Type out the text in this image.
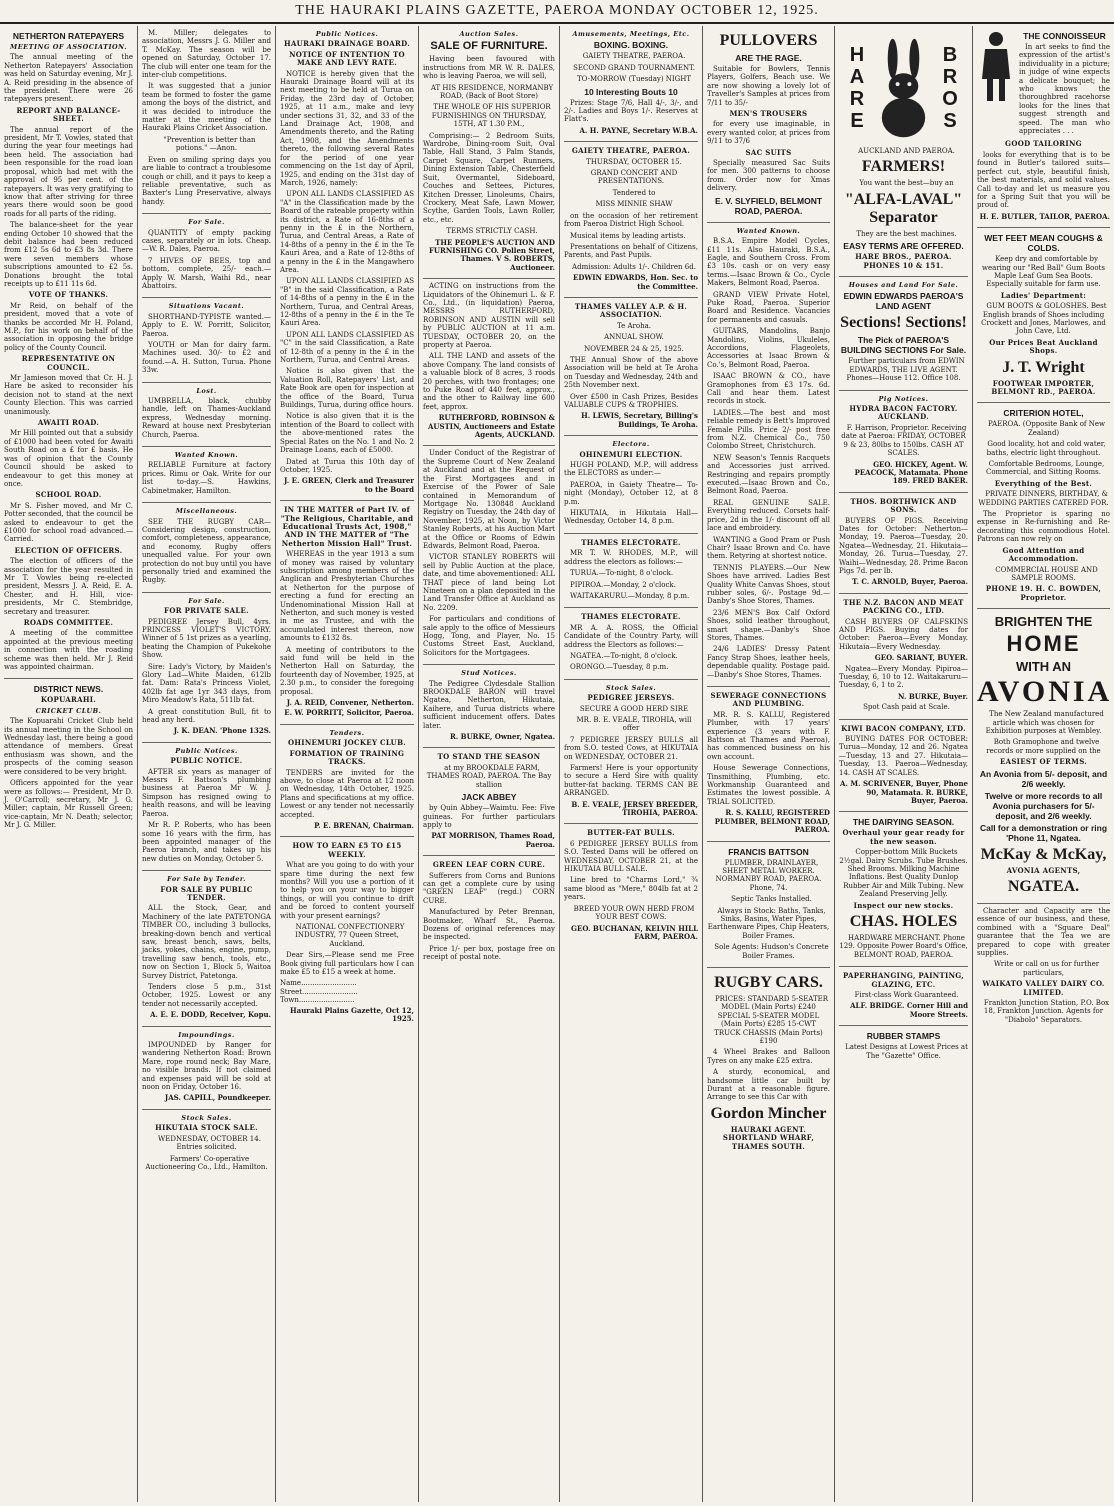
THE HAURAKI PLAINS GAZETTE, PAEROA MONDAY OCTOBER 12, 1925.
NETHERTON RATEPAYERS
MEETING OF ASSOCIATION.

The annual meeting of the Netherton Ratepayers' Association was held on Saturday evening, Mr J. A. Reid presiding in the absence of the president. There were 26 ratepayers present.

REPORT AND BALANCE-SHEET.

The annual report of the president, Mr T. Vowles, stated that during the year four meetings had been held. The association had been responsible for the road loan proposal, which had met with the approval of 95 per cent. of the ratepayers. It was very gratifying to know that after striving for three years there would soon be good roads for all parts of the riding.

The balance-sheet for the year ending October 10 showed that the debit balance had been reduced from £12 5s 6d to £3 8s 3d. There were seven members whose subscriptions amounted to £2 5s. Donations brought the total receipts up to £11 11s 6d.

VOTE OF THANKS.

Mr Reid, on behalf of the president, moved that a vote of thanks be accorded Mr H. Poland, M.P., for his work on behalf of the association in opposing the bridge policy of the County Council.

REPRESENTATIVE ON COUNCIL.

Mr Jamieson moved that Cr. H. J. Hare be asked to reconsider his decision not to stand at the next County Election. This was carried unanimously.

AWAITI ROAD.

Mr Hill pointed out that a subsidy of £1000 had been voted for Awaiti South Road on a £ for £ basis. He was of opinion that the County Council should be asked to endeavour to get this money at once.

SCHOOL ROAD.

Mr S. Fisher moved, and Mr C. Potter seconded, that the council be asked to endeavour to get the £1000 for school road advanced.—Carried.

ELECTION OF OFFICERS.

The election of officers of the association for the year resulted in Mr T. Vowles being re-elected president, Messrs J. A. Reid, E. A. Chester, and H. Hill, vice-presidents, Mr C. Stembridge, secretary and treasurer.

ROADS COMMITTEE.

A meeting of the committee appointed at the previous meeting in connection with the roading scheme was then held. Mr J. Reid was appointed chairman.

DISTRICT NEWS.
KOPUARAHI.
CRICKET CLUB.

The Kopuarahi Cricket Club held its annual meeting in the School on Wednesday last, there being a good attendance of members. Great enthusiasm was shown, and the prospects of the coming season were considered to be very bright.

Officers appointed for the year were as follows:— President, Mr D. J. O'Carroll; secretary, Mr J. G. Miller; captain, Mr Russell Green; vice-captain, Mr N. Death; selector, Mr J. G. Miller.

M. Miller; delegates to association, Messrs J. G. Miller and T. McKay. The season will be opened on Saturday, October 17. The club will enter one team for the inter-club competitions.

It was suggested that a junior team be formed to foster the game among the boys of the district, and it was decided to introduce the matter at the meeting of the Hauraki Plains Cricket Association.

"Prevention is better than potions." —Anon.

Even on smiling spring days you are liable to contract a troublesome cough or chill, and it pays to keep a reliable preventative, such as Baxter's Lung Preservative, always handy.

For Sale.

QUANTITY of empty packing cases, separately or in lots. Cheap.—W. R. Dales, Paeroa.

7 HIVES OF BEES, top and bottom, complete, 25/- each.— Apply W. Marsh, Waihi Rd., near Abattoirs.

Situations Vacant.

SHORTHAND-TYPISTE wanted.—Apply to E. W. Porritt, Solicitor, Paeroa.

YOUTH or Man for dairy farm. Machines used. 30/- to £2 and found.—A. H. Sutton, Turua. Phone 33w.

Lost.

UMBRELLA, black, chubby handle, left on Thames-Auckland express, Wednesday morning. Reward at house next Presbyterian Church, Paeroa.

Wanted Known.

RELIABLE Furniture at factory prices. Rimu or Oak. Write for our list to-day.—S. Hawkins, Cabinetmaker, Hamilton.

Miscellaneous.

SEE THE RUGBY CAR—Considering design, construction, comfort, completeness, appearance, and economy, Rugby offers unequalled value. For your own protection do not buy until you have personally tried and examined the Rugby.

For Sale.
FOR PRIVATE SALE.

PEDIGREE Jersey Bull, 4yrs. PRINCESS VIOLET'S VICTORY. Winner of 5 1st prizes as a yearling, beating the Champion of Pukekohe Show.

Sire: Lady's Victory, by Maiden's Glory Lad—White Maiden, 612lb fat. Dam: Rata's Princess Violet, 402lb fat age 1yr 343 days, from Miro Meadow's Rata, 511lb fat.

A great constitution Bull, fit to head any herd.

J. K. DEAN. 'Phone 132S.
Public Notices.
PUBLIC NOTICE.

AFTER six years as manager of Messrs F. Battson's plumbing business at Paeroa Mr W. J. Simpson has resigned owing to health reasons, and will be leaving Paeroa.

Mr R. P. Roberts, who has been some 16 years with the firm, has been appointed manager of the Paeroa branch, and takes up his new duties on Monday, October 5.

For Sale by Tender.
FOR SALE BY PUBLIC TENDER.

ALL the Stock, Gear, and Machinery of the late PATETONGA TIMBER CO., including 3 bullocks, breaking-down bench and vertical saw, breast bench, saws, belts, jacks, yokes, chains, engine, pump, travelling saw bench, tools, etc., now on Section 1, Block 5, Waitoa Survey District, Patetonga.

Tenders close 5 p.m., 31st October, 1925. Lowest or any tender not necessarily accepted.

A. E. E. DODD, Receiver, Kopu.
Impoundings.

IMPOUNDED by Ranger for wandering Netherton Road: Brown Mare, rope round neck; Bay Mare, no visible brands. If not claimed and expenses paid will be sold at noon on Friday, October 16.

JAS. CAPILL, Poundkeeper.
Stock Sales.
HIKUTAIA STOCK SALE.

WEDNESDAY, OCTOBER 14. Entries solicited.

Farmers' Co-operative Auctioneering Co., Ltd., Hamilton.

Public Notices.
HAURAKI DRAINAGE BOARD.
NOTICE OF INTENTION TO MAKE AND LEVY RATE.

NOTICE is hereby given that the Hauraki Drainage Board will at its next meeting to be held at Turua on Friday, the 23rd day of October, 1925, at 11 a.m., make and levy under sections 31, 32, and 33 of the Land Drainage Act, 1908, and Amendments thereto, and the Rating Act, 1908, and the Amendments thereto, the following several Rates for the period of one year commencing on the 1st day of April, 1925, and ending on the 31st day of March, 1926, namely:

UPON ALL LANDS CLASSIFIED AS "A" in the Classification made by the Board of the rateable property within its district, a Rate of 16-8ths of a penny in the £ in the Northern, Turua, and Central Areas, a Rate of 14-8ths of a penny in the £ in the Te Kauri Area, and a Rate of 12-8ths of a penny in the £ in the Mangawhero Area.

UPON ALL LANDS CLASSIFIED AS "B" in the said Classification, a Rate of 14-8ths of a penny in the £ in the Northern, Turua, and Central Areas, 12-8ths of a penny in the £ in the Te Kauri Area.

UPON ALL LANDS CLASSIFIED AS "C" in the said Classification, a Rate of 12-8th of a penny in the £ in the Northern, Turua, and Central Areas.

Notice is also given that the Valuation Roll, Ratepayers' List, and Rate Book are open for inspection at the office of the Board, Turua Buildings, Turua, during office hours.

Notice is also given that it is the intention of the Board to collect with the above-mentioned rates the Special Rates on the No. 1 and No. 2 Drainage Loans, each of £5000.

Dated at Turua this 10th day of October, 1925.

J. E. GREEN, Clerk and Treasurer to the Board
IN THE MATTER of Part IV. of "The Religious, Charitable, and Educational Trusts Act, 1908," AND IN THE MATTER of "The Netherton Mission Hall" Trust.

WHEREAS in the year 1913 a sum of money was raised by voluntary subscription among members of the Anglican and Presbyterian Churches at Netherton for the purpose of erecting a fund for erecting an Undenominational Mission Hall at Netherton, and such money is vested in me as Trustee, and with the accumulated interest thereon, now amounts to £132 8s.

A meeting of contributors to the said fund will be held in the Netherton Hall on Saturday, the fourteenth day of November, 1925, at 2.30 p.m., to consider the foregoing proposal.

J. A. REID, Convener, Netherton.
E. W. PORRITT, Solicitor, Paeroa.
Tenders.
OHINEMURI JOCKEY CLUB.
FORMATION OF TRAINING TRACKS.

TENDERS are invited for the above, to close at Paeroa at 12 noon on Wednesday, 14th October, 1925. Plans and specifications at my office. Lowest or any tender not necessarily accepted.

P. E. BRENAN, Chairman.
HOW TO EARN £5 TO £15 WEEKLY.

What are you going to do with your spare time during the next few months? Will you use a portion of it to help you on your way to bigger things, or will you continue to drift and be forced to content yourself with your present earnings?

NATIONAL CONFECTIONERY INDUSTRY, 77 Queen Street, Auckland.

Dear Sirs,—Please send me Free Book giving full particulars how I can make £5 to £15 a week at home.

Name.........................
Street.........................
Town.........................
Hauraki Plains Gazette, Oct 12, 1925.
Auction Sales.
SALE OF FURNITURE.

Having been favoured with instructions from MR W. R. DALES, who is leaving Paeroa, we will sell,

AT HIS RESIDENCE, NORMANBY ROAD, (Back of Boot Store)

THE WHOLE OF HIS SUPERIOR FURNISHINGS ON THURSDAY, 15TH, AT 1.30 P.M.,

Comprising:— 2 Bedroom Suits, Wardrobe, Dining-room Suit, Oval Table, Hall Stand, 3 Palm Stands, Carpet Square, Carpet Runners, Dining Extension Table, Chesterfield Suit, Overmantel, Sideboard, Couches and Settees, Pictures, Kitchen Dresser, Linoleums, Chairs, Crockery, Meat Safe, Lawn Mower, Scythe, Garden Tools, Lawn Roller, etc., etc.

TERMS STRICTLY CASH.

THE PEOPLE'S AUCTION AND FURNISHING CO. Pollen Street, Thames. V S. ROBERTS, Auctioneer.

ACTING on instructions from the Liquidators of the Ohinemuri L. & F. Co., Ltd., (in liquidation) Paeroa, MESSRS RUTHERFORD, ROBINSON AND AUSTIN will sell by PUBLIC AUCTION at 11 a.m. TUESDAY, OCTOBER 20, on the property at Paeroa.

ALL THE LAND and assets of the above Company. The land consists of a valuable block of 8 acres, 3 roods 20 perches, with two frontages; one to Puke Road of 440 feet, approx., and the other to Railway line 600 feet, approx.

RUTHERFORD, ROBINSON & AUSTIN, Auctioneers and Estate Agents, AUCKLAND.

Under Conduct of the Registrar of the Supreme Court of New Zealand at Auckland and at the Request of the First Mortgagees and in Exercise of the Power of Sale contained in Memorandum of Mortgage No. 130848 Auckland Registry on Tuesday, the 24th day of November, 1925, at Noon, by Victor Stanley Roberts, at his Auction Mart at the Office or Rooms of Edwin Edwards, Belmont Road, Paeroa.

VICTOR STANLEY ROBERTS will sell by Public Auction at the place, date, and time abovementioned: ALL THAT piece of land being Lot Nineteen on a plan deposited in the Land Transfer Office at Auckland as No. 2209.

For particulars and conditions of sale apply to the office of Messieurs Hogg, Tong, and Player, No. 15 Customs Street East, Auckland, Solicitors for the Mortgagees.

Stud Notices.

The Pedigree Clydesdale Stallion BROOKDALE BARON will travel Ngatea, Netherton, Hikutaia, Kaihere, and Turua districts where sufficient inducement offers. Dates later.

R. BURKE, Owner, Ngatea.
TO STAND THE SEASON

at my BROOKDALE FARM, THAMES ROAD, PAEROA. The Bay stallion

JACK ABBEY

by Quin Abbey—Waimtu. Fee: Five guineas. For further particulars apply to

PAT MORRISON, Thames Road, Paeroa.
GREEN LEAF CORN CURE.

Sufferers from Corns and Bunions can get a complete cure by using "GREEN LEAF" (regd.) CORN CURE.

Manufactured by Peter Brennan, Bootmaker, Wharf St., Paeroa. Dozens of original references may be inspected.

Price 1/- per box, postage free on receipt of postal note.

Amusements, Meetings, Etc.
BOXING. BOXING.

GAIETY THEATRE, PAEROA.

SECOND GRAND TOURNAMENT.

TO-MORROW (Tuesday) NIGHT

10 Interesting Bouts 10

Prizes: Stage 7/6, Hall 4/-, 3/-, and 2/-. Ladies and Boys 1/-. Reserves at Flatt's.

A. H. PAYNE, Secretary W.B.A.
GAIETY THEATRE, PAEROA.

THURSDAY, OCTOBER 15.

GRAND CONCERT AND PRESENTATIONS.

Tendered to

MISS MINNIE SHAW

on the occasion of her retirement from Paeroa District High School.

Musical items by leading artists.

Presentations on behalf of Citizens, Parents, and Past Pupils.

Admission: Adults 1/-. Children 6d.

EDWIN EDWARDS, Hon. Sec. to the Committee.
THAMES VALLEY A.P. & H. ASSOCIATION.

Te Aroha.

ANNUAL SHOW.

NOVEMBER 24 & 25, 1925.

THE Annual Show of the above Association will be held at Te Aroha on Tuesday and Wednesday, 24th and 25th November next.

Over £500 in Cash Prizes, Besides VALUABLE CUPS & TROPHIES.

H. LEWIS, Secretary, Billing's Buildings, Te Aroha.
Electora.
OHINEMURI ELECTION.

HUGH POLAND, M.P., will address the ELECTORS as under:—

PAEROA, in Gaiety Theatre— To-night (Monday), October 12, at 8 p.m.

HIKUTAIA, in Hikutaia Hall— Wednesday, October 14, 8 p.m.

THAMES ELECTORATE.

MR T. W. RHODES, M.P., will address the electors as follows:—

TURUA.—To-night, 8 o'clock.

PIPIROA.—Monday, 2 o'clock.

WAITAKARURU.—Monday, 8 p.m.

THAMES ELECTORATE.

MR A. A. ROSS, the Official Candidate of the Country Party, will address the Electors as follows:—

NGATEA.—To-night, 8 o'clock.

ORONGO.—Tuesday, 8 p.m.

Stock Sales.
PEDIGREE JERSEYS.

SECURE A GOOD HERD SIRE

MR. B. E. VEALE, TIROHIA, will offer

7 PEDIGREE JERSEY BULLS all from S.O. tested Cows, at HIKUTAIA on WEDNESDAY, OCTOBER 21.

Farmers! Here is your opportunity to secure a Herd Sire with quality butter-fat backing. TERMS CAN BE ARRANGED.

B. E. VEALE, JERSEY BREEDER, TIROHIA, PAEROA.
BUTTER-FAT BULLS.

6 PEDIGREE JERSEY BULLS from S.O. Tested Dams will be offered on WEDNESDAY, OCTOBER 21, at the HIKUTAIA BULL SALE.

Line bred to "Charms Lord," ¾ same blood as "Mere," 804lb fat at 2 years.

BREED YOUR OWN HERD FROM YOUR BEST COWS.

GEO. BUCHANAN, KELVIN HILL FARM, PAEROA.
PULLOVERS
ARE THE RAGE.

Suitable for Bowlers, Tennis Players, Golfers, Beach use. We are now showing a lovely lot of Traveller's Samples at prices from 7/11 to 35/-

MEN'S TROUSERS

for every use imaginable, in every wanted color, at prices from 9/11 to 37/6

SAC SUITS

Specially measured Sac Suits for men. 300 patterns to choose from. Order now for Xmas delivery.

E. V. SLYFIELD, BELMONT ROAD, PAEROA.
Wanted Known.

B.S.A. Empire Model Cycles, £11 11s. Also Hauraki, B.S.A., Eagle, and Southern Cross. From £3 10s. cash or on very easy terms.—Isaac Brown & Co., Cycle Makers, Belmont Road, Paeroa.

GRAND VIEW Private Hotel, Puke Road, Paeroa. Superior Board and Residence. Vacancies for permanents and casuals.

GUITARS, Mandolins, Banjo Mandolins, Violins, Ukuleles, Accordions, Flageolets, Accessories at Isaac Brown & Co.'s, Belmont Road, Paeroa.

ISAAC BROWN & CO., have Gramophones from £3 17s. 6d. Call and hear them. Latest records in stock.

LADIES.—The best and most reliable remedy is Bett's Improved Female Pills. Price 2/- post free from N.Z. Chemical Co., 750 Colombo Street, Christchurch.

NEW Season's Tennis Racquets and Accessories just arrived. Restringing and repairs promptly executed.—Isaac Brown and Co., Belmont Road, Paeroa.

REAL GENUINE SALE. Everything reduced. Corsets half-price, 2d in the 1/- discount off all lace and embroidery.

WANTING a Good Pram or Push Chair? Isaac Brown and Co. have them. Retyring at shortest notice.

TENNIS PLAYERS.—Our New Shoes have arrived. Ladies Best Quality White Canvas Shoes, stout rubber soles, 6/-. Postage 9d.—Danby's Shoe Stores, Thames.

23/6 MEN'S Box Calf Oxford Shoes, solid leather throughout, smart shape.—Danby's Shoe Stores, Thames.

24/6 LADIES' Dressy Patent Fancy Strap Shoes, leather heels, dependable quality. Postage paid.—Danby's Shoe Stores, Thames.

SEWERAGE CONNECTIONS AND PLUMBING.

MR. R. S. KALLU, Registered Plumber, with 17 years' experience (3 years with F. Battson at Thames and Paeroa), has commenced business on his own account.

House Sewerage Connections, Tinsmithing, Plumbing, etc. Workmanship Guaranteed and Estimates the lowest possible. A TRIAL SOLICITED.

R. S. KALLU, REGISTERED PLUMBER, BELMONT ROAD, PAEROA.
FRANCIS BATTSON

PLUMBER, DRAINLAYER, SHEET METAL WORKER. NORMANBY ROAD, PAEROA. Phone, 74.

Septic Tanks Installed.

Always in Stock: Baths, Tanks, Sinks, Basins, Water Pipes, Earthenware Pipes, Chip Heaters, Boiler Frames.

Sole Agents: Hudson's Concrete Boiler Frames.

RUGBY CARS.

PRICES: STANDARD 5-SEATER MODEL (Main Ports) £240 SPECIAL 5-SEATER MODEL (Main Ports) £285 15-CWT TRUCK CHASSIS (Main Ports) £190

4 Wheel Brakes and Balloon Tyres on any make £25 extra.

A sturdy, economical, and handsome little car built by Durant at a reasonable figure. Arrange to see this Car with

Gordon Mincher
HAURAKI AGENT. SHORTLAND WHARF, THAMES SOUTH.
HARE	BROS

AUCKLAND AND PAEROA.

FARMERS!

You want the best—buy an

"ALFA-LAVAL" Separator

They are the best machines.

EASY TERMS ARE OFFERED.
HARE BROS., PAEROA. PHONES 10 & 151.
Houses and Land For Sale.
EDWIN EDWARDS PAEROA'S LAND AGENT
Sections! Sections!
The Pick of PAEROA'S BUILDING SECTIONS For Sale.

Further particulars from EDWIN EDWARDS, THE LIVE AGENT. Phones—House 112. Office 108.

Pig Notices.
HYDRA BACON FACTORY. AUCKLAND.

F. Harrison, Proprietor. Receiving date at Paeroa: FRIDAY, OCTOBER 9 & 23, 80lbs to 150lbs. CASH AT SCALES.

GEO. HICKEY, Agent. W. PEACOCK, Matamata. Phone 189. FRED BAKER.
THOS. BORTHWICK AND SONS.

BUYERS OF PIGS. Receiving Dates for October: Netherton—Monday, 19. Paeroa—Tuesday, 20. Ngatea—Wednesday, 21. Hikutaia—Monday, 26. Turua—Tuesday, 27. Waihi—Wednesday, 28. Prime Bacon Pigs 7d. per lb.

T. C. ARNOLD, Buyer, Paeroa.
THE N.Z. BACON AND MEAT PACKING CO., LTD.

CASH BUYERS OF CALFSKINS AND PIGS. Buying dates for October: Paeroa—Every Monday. Hikutaia—Every Wednesday.

GEO. SARIANT, BUYER.

Ngatea—Every Monday. Pipiroa—Tuesday, 6, 10 to 12. Waitakaruru—Tuesday, 6, 1 to 2.

N. BURKE, Buyer.

Spot Cash paid at Scale.

KIWI BACON COMPANY, LTD.

BUYING DATES FOR OCTOBER: Turua—Monday, 12 and 26. Ngatea—Tuesday, 13 and 27. Hikutaia—Tuesday, 13. Paeroa—Wednesday, 14. CASH AT SCALES.

A. M. SCRIVENER, Buyer, Phone 90, Matamata. R. BURKE, Buyer, Paeroa.
THE DAIRYING SEASON.
Overhaul your gear ready for the new season.

Copper-bottom Milk Buckets 2½gal. Dairy Scrubs. Tube Brushes. Shed Brooms. Milking Machine Inflations. Best Quality Dunlop Rubber Air and Milk Tubing. New Zealand Preserving Jelly.

Inspect our new stocks.
CHAS. HOLES

HARDWARE MERCHANT. Phone 129. Opposite Power Board's Office, BELMONT ROAD, PAEROA.

PAPERHANGING, PAINTING, GLAZING, ETC.

First-class Work Guaranteed.

ALF. BRIDGE. Corner Hill and Moore Streets.
RUBBER STAMPS

Latest Designs at Lowest Prices at The "Gazette" Office.

THE CONNOISSEUR

In art seeks to find the expression of the artist's individuality in a picture; in judge of wine expects a delicate bouquet; he who knows the thoroughbred racehorse looks for the lines that suggest strength and speed. The man who appreciates . . .

GOOD TAILORING

looks for everything that is to be found in Butler's tailored suits—perfect cut, style, beautiful finish, the best materials, and solid values. Call to-day and let us measure you for a Spring Suit that you will be proud of.

H. E. BUTLER, TAILOR, PAEROA.
WET FEET MEAN COUGHS & COLDS.

Keep dry and comfortable by wearing our "Red Ball" Gum Boots Maple Leaf Gum Sea Boots. Especially suitable for farm use.

Ladies' Department:

GUM BOOTS & GOLOSHES. Best English brands of Shoes including Crockett and Jones, Marlowes, and John Cave, Ltd.

Our Prices Beat Auckland Shops.
J. T. Wright
FOOTWEAR IMPORTER, BELMONT RD., PAEROA.
CRITERION HOTEL,

PAEROA. (Opposite Bank of New Zealand)

Good locality, hot and cold water, baths, electric light throughout.

Comfortable Bedrooms, Lounge, Commercial, and Sitting Rooms.

Everything of the Best.

PRIVATE DINNERS, BIRTHDAY, & WEDDING PARTIES CATERED FOR.

The Proprietor is sparing no expense in Re-furnishing and Re-decorating this commodious Hotel. Patrons can now rely on

Good Attention and Accommodation.

COMMERCIAL HOUSE AND SAMPLE ROOMS.

PHONE 19. H. C. BOWDEN, Proprietor.
BRIGHTEN THE
HOME
WITH AN
AVONIA

The New Zealand manufactured article which was chosen for Exhibition purposes at Wembley.

Both Gramophone and twelve records or more supplied on the

EASIEST OF TERMS.
An Avonia from 5/- deposit, and 2/6 weekly.
Twelve or more records to all Avonia purchasers for 5/- deposit, and 2/6 weekly.
Call for a demonstration or ring 'Phone 11, Ngatea.
McKay & McKay,
AVONIA AGENTS,
NGATEA.

Character and Capacity are the essence of our business, and these, combined with a "Square Deal" guarantee that the Tea we are prepared to cope with greater supplies.

Write or call on us for further particulars,

WAIKATO VALLEY DAIRY CO. LIMITED.

Frankton Junction Station, P.O. Box 18, Frankton Junction. Agents for "Diabolo" Separators.
